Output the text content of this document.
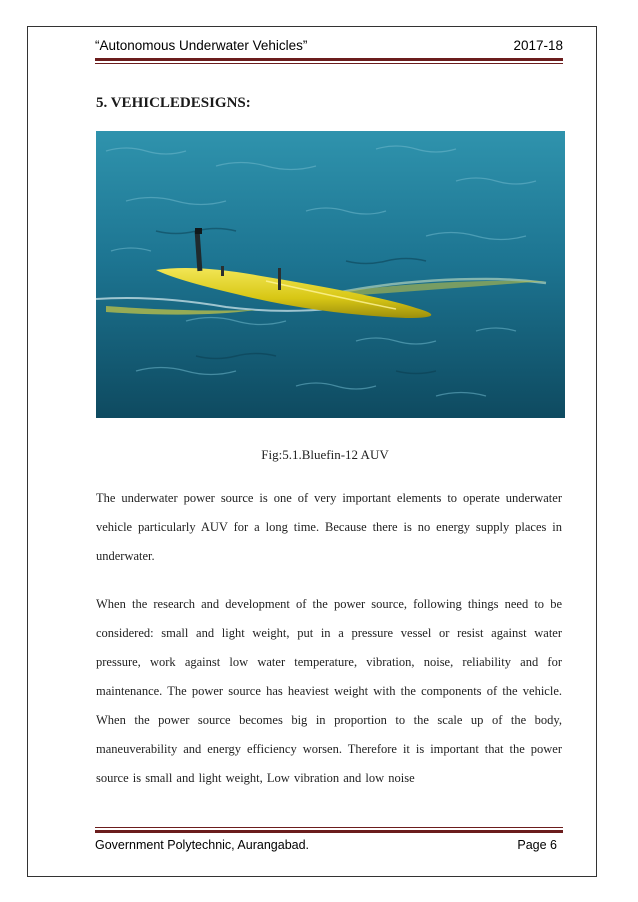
“Autonomous Underwater Vehicles”	2017-18
5. VEHICLEDESIGNS:
Fig:5.1.Bluefin-12 AUV
The underwater power source is one of very important elements to operate underwater vehicle particularly AUV for a long time. Because there is no energy supply places in underwater.
When the research and development of the power source, following things need to be considered: small and light weight, put in a pressure vessel or resist against water pressure, work against low water temperature, vibration, noise, reliability and for maintenance. The power source has heaviest weight with the components of the vehicle. When the power source becomes big in proportion to the scale up of the body, maneuverability and energy efficiency worsen. Therefore it is important that the power source is small and light weight, Low vibration and low noise
Government Polytechnic, Aurangabad.	Page 6
